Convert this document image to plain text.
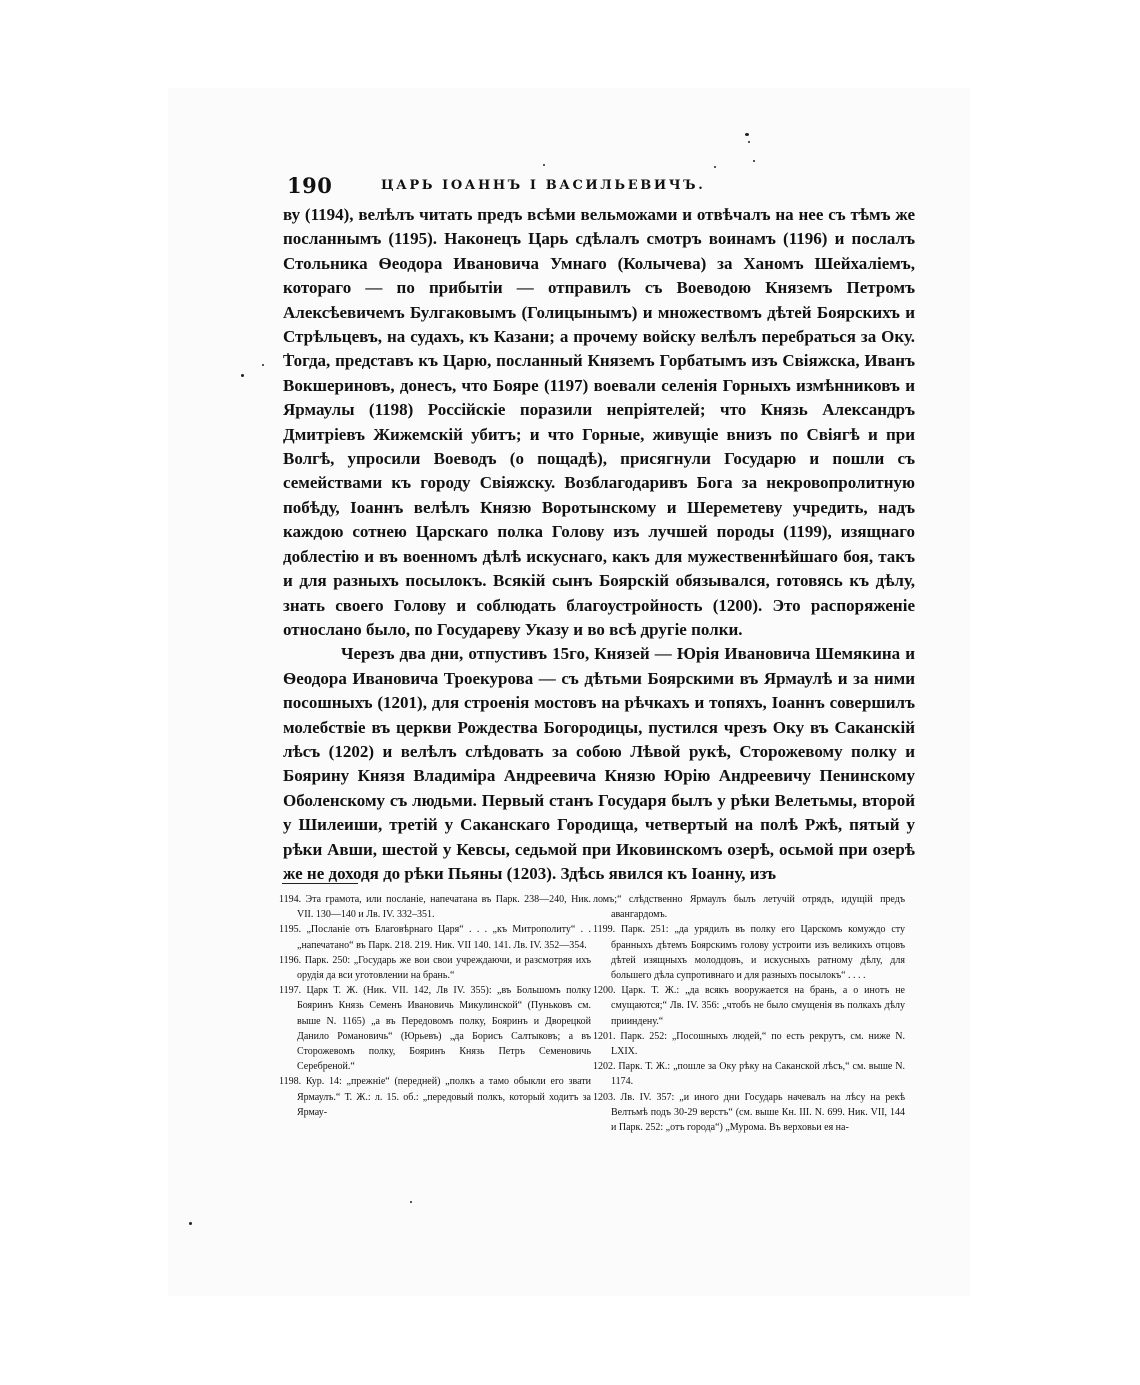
190	ЦАРЬ ІОАННЪ І ВАСИЛЬЕВИЧЪ.

ву (1194), велѣлъ читать предъ всѣми вельможами и отвѣчалъ на нее съ тѣмъ же посланнымъ (1195). Наконецъ Царь сдѣлалъ смотръ воинамъ (1196) и послалъ Стольника Ѳеодора Ивановича Умнаго (Колычева) за Ханомъ Шейхалiемъ, котораго — по прибытiи — отправилъ съ Воеводою Княземъ Петромъ Алексѣевичемъ Булгаковымъ (Голицынымъ) и множествомъ дѣтей Боярскихъ и Стрѣльцевъ, на судахъ, къ Казани; а прочему войску велѣлъ перебраться за Оку. Тогда, представъ къ Царю, посланный Княземъ Горбатымъ изъ Свiяжска, Иванъ Вокшериновъ, донесъ, что Бояре (1197) воевали селенiя Горныхъ измѣнниковъ и Ярмаулы (1198) Россiйскiе поразили непрiятелей; что Князь Александръ Дмитрiевъ Жижемскiй убитъ; и что Горные, живущiе внизъ по Свiягѣ и при Волгѣ, упросили Воеводъ (о пощадѣ), присягнули Государю и пошли съ семействами къ городу Свiяжску. Возблагодаривъ Бога за некровопролитную побѣду, Iоаннъ велѣлъ Князю Воротынскому и Шереметеву учредить, надъ каждою сотнею Царскаго полка Голову изъ лучшей породы (1199), изящнаго доблестiю и въ военномъ дѣлѣ искуснаго, какъ для мужественнѣйшаго боя, такъ и для разныхъ посылокъ. Всякiй сынъ Боярскiй обязывался, готовясь къ дѣлу, знать своего Голову и соблюдать благоустройность (1200). Это распоряженiе относлано было, по Государеву Указу и во всѣ другiе полки.

Черезъ два дни, отпустивъ 15го, Князей — Юрiя Ивановича Шемякина и Ѳеодора Ивановича Троекурова — съ дѣтьми Боярскими въ Ярмаулѣ и за ними посошныхъ (1201), для строенiя мостовъ на рѣчкахъ и топяхъ, Iоаннъ совершилъ молебствiе въ церкви Рождества Богородицы, пустился чрезъ Оку въ Саканскiй лѣсъ (1202) и велѣлъ слѣдовать за собою Лѣвой рукѣ, Сторожевому полку и Боярину Князя Владимiра Андреевича Князю Юрiю Андреевичу Пенинскому Оболенскому съ людьми. Первый станъ Государя былъ у рѣки Велетьмы, второй у Шилеиши, третiй у Саканскаго Городища, четвертый на полѣ Ржѣ, пятый у рѣки Авши, шестой у Кевсы, седьмой при Иковинскомъ озерѣ, осьмой при озерѣ же не доходя до рѣки Пьяны (1203). Здѣсь явился къ Iоанну, изъ

1194. Эта грамота, или посланiе, напечатана въ Парк. 238—240, Ник. VII. 130—140 и Лв. IV. 332–351.

1195. „Посланiе отъ Благовѣрнаго Царя“ . . . „къ Митрополиту“ . . „напечатано“ въ Парк. 218. 219. Ник. VII 140. 141. Лв. IV. 352—354.

1196. Парк. 250: „Государь же вои свои учреждаючи, и разсмотряя ихъ орудiя да вси уготовлении на брань.“

1197. Царк Т. Ж. (Ник. VII. 142, Лв IV. 355): „въ Большомъ полку Бояринъ Князь Семенъ Ивановичь Микулинской“ (Пуньковъ см. выше N. 1165) „а въ Передовомъ полку, Бояринъ и Дворецкой Данило Романовичь“ (Юрьевъ) „да Борисъ Салтыковъ; а въ Сторожевомъ полку, Бояринъ Князь Петръ Семеновичь Серебреной.“

1198. Кур. 14: „прежнiе“ (передней) „полкъ а тамо обыкли его звати Ярмаулъ.“ Т. Ж.: л. 15. об.: „передовый полкъ, который ходитъ за Ярмау-

ломъ;“ слѣдственно Ярмаулъ былъ летучiй отрядъ, идущiй предъ авангардомъ.

1199. Парк. 251: „да урядилъ въ полку его Царскомъ комуждо сту бранныхъ дѣтемъ Боярскимъ голову устроити изъ великихъ отцовъ дѣтей изящныхъ молодцовъ, и искусныхъ ратному дѣлу, для большего дѣла супротивнаго и для разныхъ посылокъ“ . . . .

1200. Царк. Т. Ж.: „да всякъ вооружается на брань, а о инотъ не смущаются;“ Лв. IV. 356: „чтобъ не было смущенiя въ полкахъ дѣлу прииндену.“

1201. Парк. 252: „Посошныхъ людей,“ по есть рекрутъ, см. ниже N. LXIX.

1202. Парк. Т. Ж.: „пошле за Оку рѣку на Саканской лѣсъ,“ см. выше N. 1174.

1203. Лв. IV. 357: „и иного дни Государь начевалъ на лѣсу на рекѣ Велтьмѣ подъ 30-29 верстъ“ (см. выше Кн. III. N. 699. Ник. VII, 144 и Парк. 252: „отъ города“) „Мурома. Въ верховьи ея на-
